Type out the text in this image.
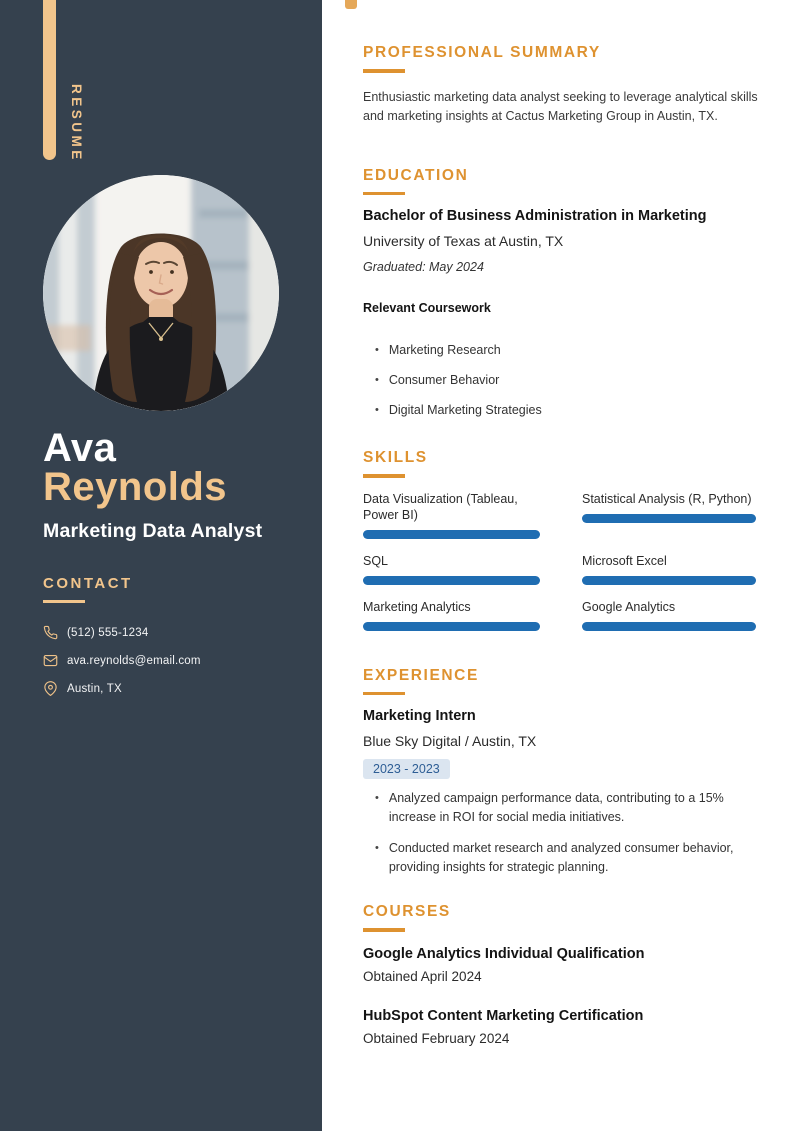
RESUME
Ava
Reynolds
Marketing Data Analyst
CONTACT
(512) 555-1234
ava.reynolds@email.com
Austin, TX
PROFESSIONAL SUMMARY

Enthusiastic marketing data analyst seeking to leverage analytical skills and marketing insights at Cactus Marketing Group in Austin, TX.

EDUCATION
Bachelor of Business Administration in Marketing
University of Texas at Austin, TX
Graduated: May 2024
Relevant Coursework
• Marketing Research
• Consumer Behavior
• Digital Marketing Strategies
SKILLS
Data Visualization (Tableau, Power BI)
Statistical Analysis (R, Python)
SQL	Microsoft Excel
Marketing Analytics	Google Analytics
EXPERIENCE
Marketing Intern
Blue Sky Digital / Austin, TX
2023 - 2023
• Analyzed campaign performance data, contributing to a 15% increase in ROI for social media initiatives.
• Conducted market research and analyzed consumer behavior, providing insights for strategic planning.
COURSES
Google Analytics Individual Qualification
Obtained April 2024
HubSpot Content Marketing Certification
Obtained February 2024
